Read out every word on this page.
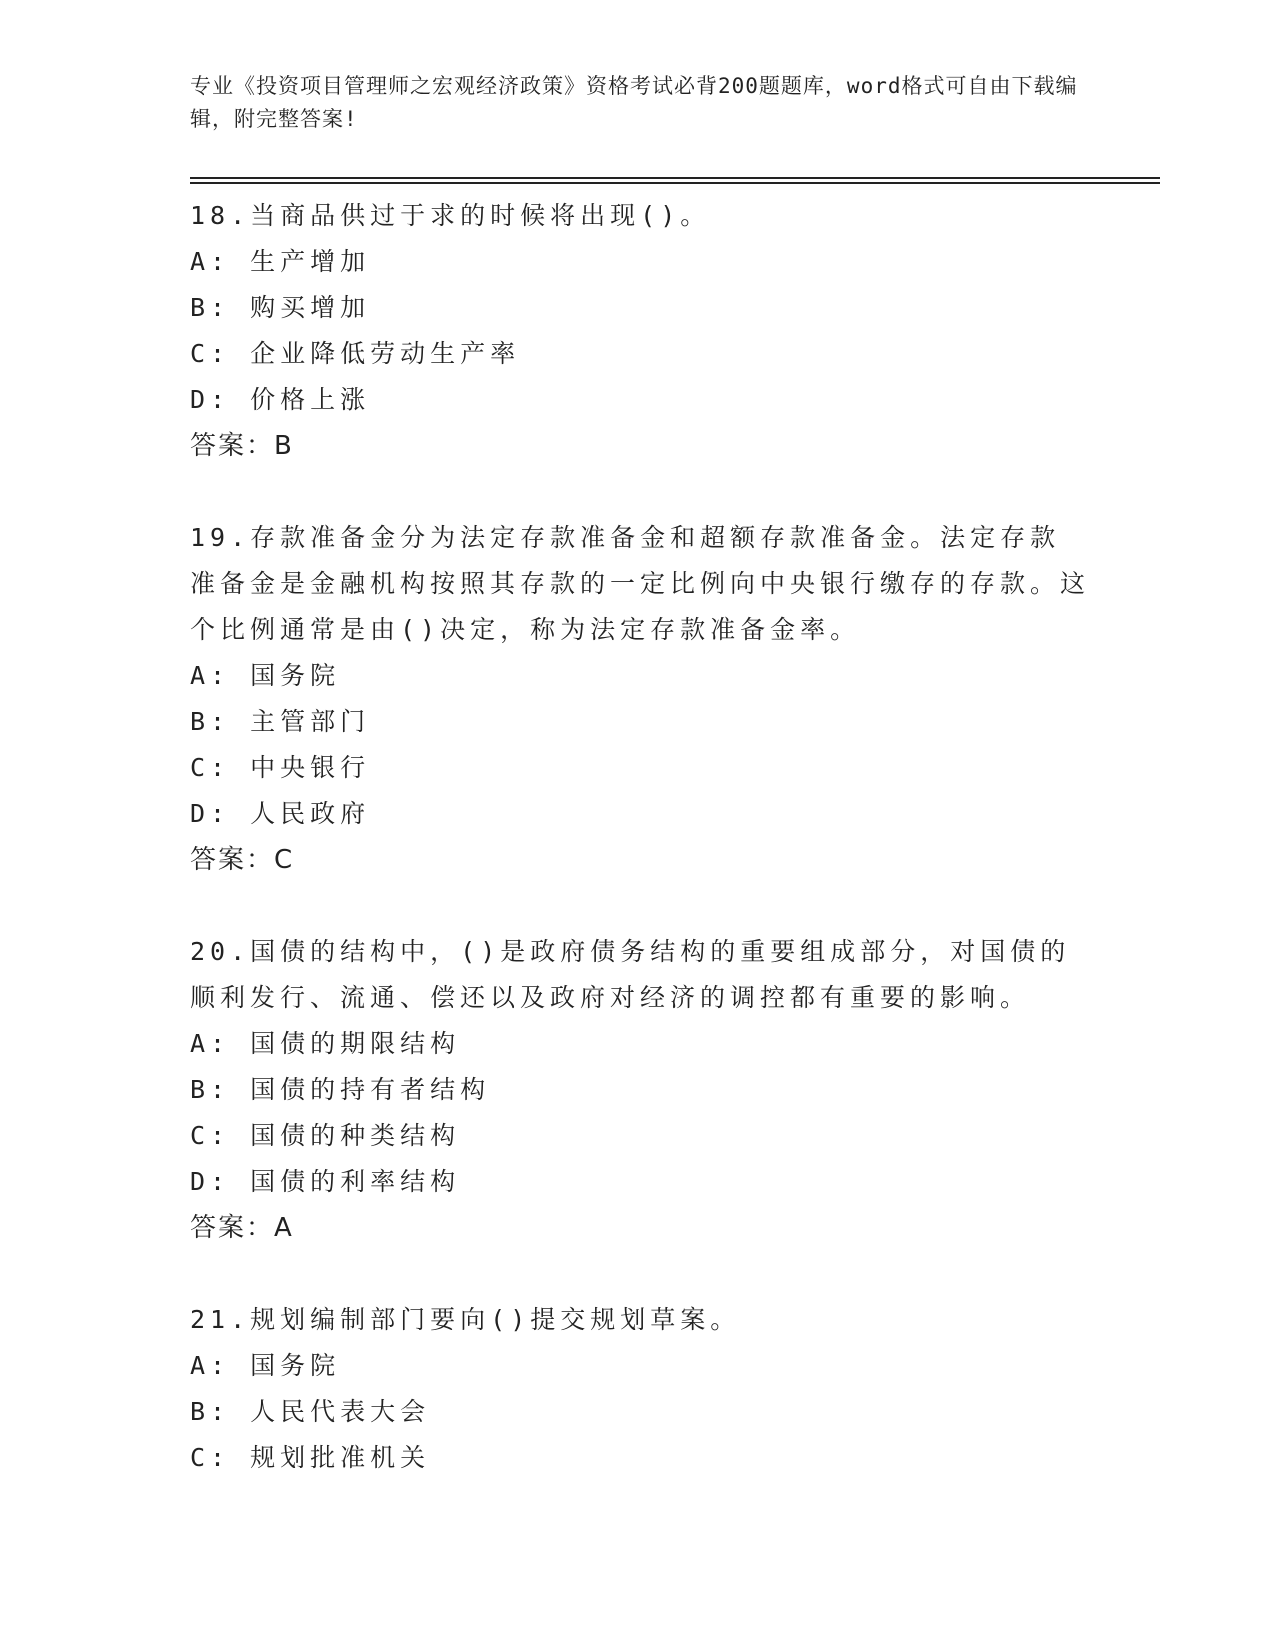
专业《投资项目管理师之宏观经济政策》资格考试必背200题题库，word格式可自由下载编辑，附完整答案!
18.当商品供过于求的时候将出现()。
A: 生产增加
B: 购买增加
C: 企业降低劳动生产率
D: 价格上涨
答案：B
19.存款准备金分为法定存款准备金和超额存款准备金。法定存款准备金是金融机构按照其存款的一定比例向中央银行缴存的存款。这个比例通常是由()决定，称为法定存款准备金率。
A: 国务院
B: 主管部门
C: 中央银行
D: 人民政府
答案：C
20.国债的结构中，()是政府债务结构的重要组成部分，对国债的顺利发行、流通、偿还以及政府对经济的调控都有重要的影响。
A: 国债的期限结构
B: 国债的持有者结构
C: 国债的种类结构
D: 国债的利率结构
答案：A
21.规划编制部门要向()提交规划草案。
A: 国务院
B: 人民代表大会
C: 规划批准机关
